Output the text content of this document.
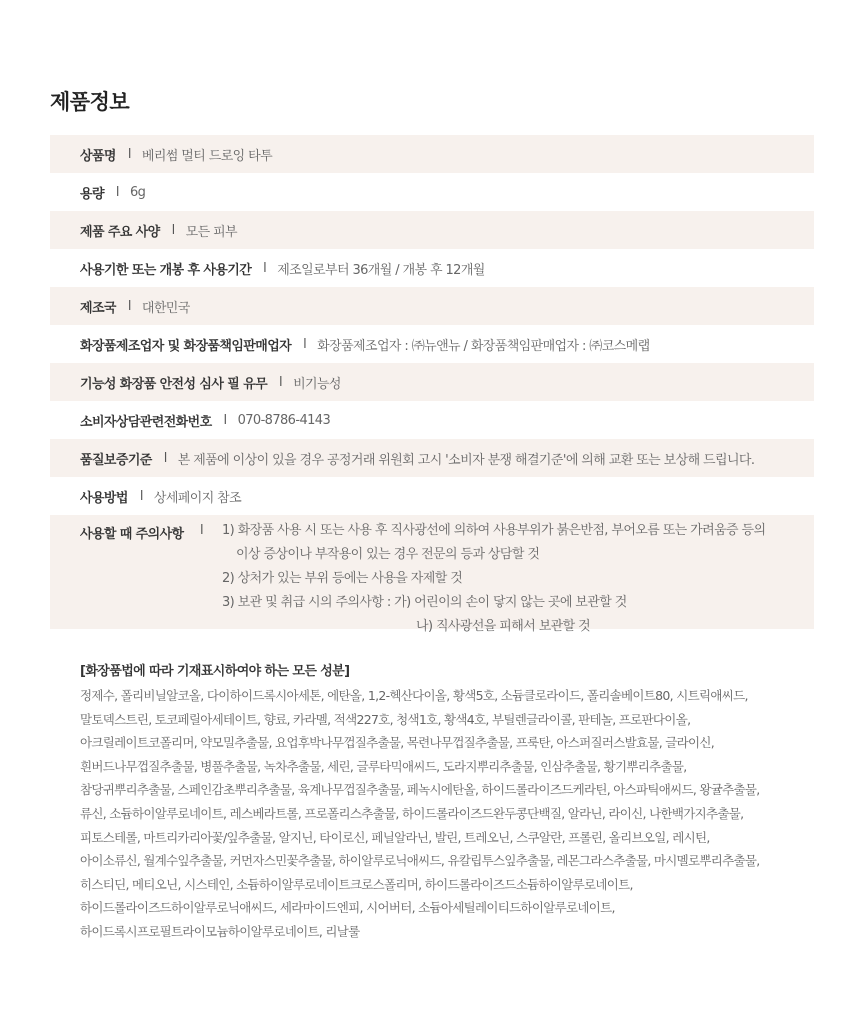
제품정보
상품명 l 베리썸 멀티 드로잉 타투
용량 l 6g
제품 주요 사양 l 모든 피부
사용기한 또는 개봉 후 사용기간 l 제조일로부터 36개월 / 개봉 후 12개월
제조국 l 대한민국
화장품제조업자 및 화장품책임판매업자 l 화장품제조업자 : ㈜뉴앤뉴 / 화장품책임판매업자 : ㈜코스메랩
기능성 화장품 안전성 심사 필 유무 l 비기능성
소비자상담관련전화번호 l 070-8786-4143
품질보증기준 l 본 제품에 이상이 있을 경우 공정거래 위원회 고시 '소비자 분쟁 해결기준'에 의해 교환 또는 보상해 드립니다.
사용방법 l 상세페이지 참조
사용할 때 주의사항 l 1) 화장품 사용 시 또는 사용 후 직사광선에 의하여 사용부위가 붉은반점, 부어오름 또는 가려움증 등의
이상 증상이나 부작용이 있는 경우 전문의 등과 상담할 것
2) 상처가 있는 부위 등에는 사용을 자제할 것
3) 보관 및 취급 시의 주의사항 : 가) 어린이의 손이 닿지 않는 곳에 보관할 것
나) 직사광선을 피해서 보관할 것
[화장품법에 따라 기재표시하여야 하는 모든 성분]
정제수, 폴리비닐알코올, 다이하이드록시아세톤, 에탄올, 1,2-헥산다이올, 황색5호, 소듐클로라이드, 폴리솔베이트80, 시트릭애씨드,
말토덱스트린, 토코페릴아세테이트, 향료, 카라멜, 적색227호, 청색1호, 황색4호, 부틸렌글라이콜, 판테놀, 프로판다이올,
아크릴레이트코폴리머, 약모밀추출물, 요업후박나무껍질추출물, 목련나무껍질추출물, 프룩탄, 아스퍼질러스발효물, 글라이신,
흰버드나무껍질추출물, 병풀추출물, 녹차추출물, 세린, 글루타믹애씨드, 도라지뿌리추출물, 인삼추출물, 황기뿌리추출물,
참당귀뿌리추출물, 스페인감초뿌리추출물, 육계나무껍질추출물, 페녹시에탄올, 하이드롤라이즈드케라틴, 아스파틱애씨드, 왕귤추출물,
류신, 소듐하이알루로네이트, 레스베라트롤, 프로폴리스추출물, 하이드롤라이즈드완두콩단백질, 알라닌, 라이신, 나한백가지추출물,
피토스테롤, 마트리카리아꽃/잎추출물, 알지닌, 타이로신, 페닐알라닌, 발린, 트레오닌, 스쿠알란, 프롤린, 올리브오일, 레시틴,
아이소류신, 월계수잎추출물, 커먼자스민꽃추출물, 하이알루로닉애씨드, 유칼립투스잎추출물, 레몬그라스추출물, 마시멜로뿌리추출물,
히스티딘, 메티오닌, 시스테인, 소듐하이알루로네이트크로스폴리머, 하이드롤라이즈드소듐하이알루로네이트,
하이드롤라이즈드하이알루로닉애씨드, 세라마이드엔피, 시어버터, 소듐아세틸레이티드하이알루로네이트,
하이드록시프로필트라이모늄하이알루로네이트, 리날룰
